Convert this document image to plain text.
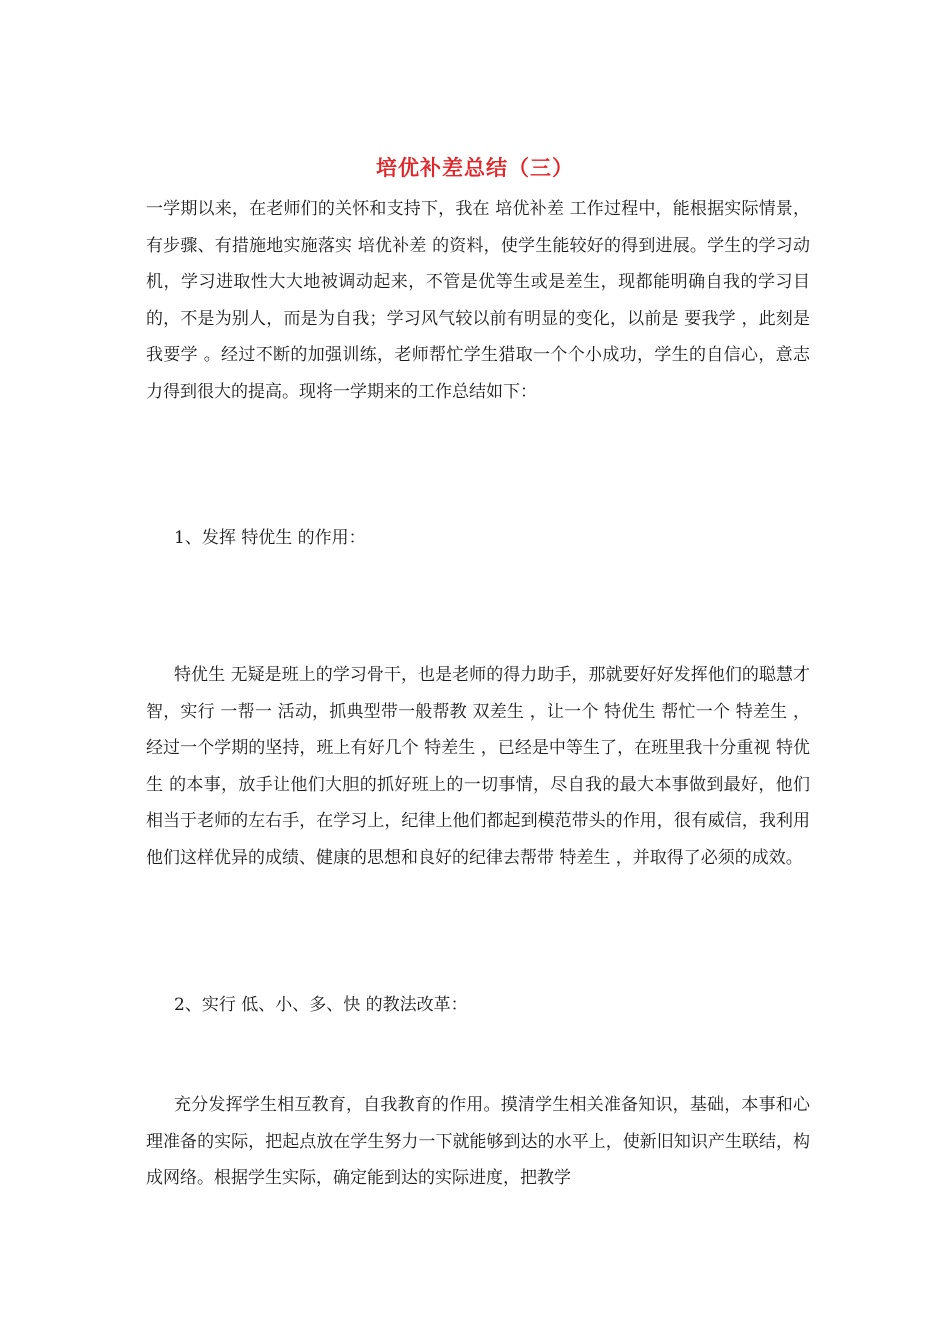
培优补差总结（三）

一学期以来，在老师们的关怀和支持下，我在 培优补差 工作过程中，能根据实际情景，有步骤、有措施地实施落实 培优补差 的资料，使学生能较好的得到进展。学生的学习动机，学习进取性大大地被调动起来，不管是优等生或是差生，现都能明确自我的学习目的，不是为别人，而是为自我；学习风气较以前有明显的变化，以前是 要我学 ，此刻是 我要学 。经过不断的加强训练，老师帮忙学生猎取一个个小成功，学生的自信心，意志力得到很大的提高。现将一学期来的工作总结如下：

1、发挥 特优生 的作用：

特优生 无疑是班上的学习骨干，也是老师的得力助手，那就要好好发挥他们的聪慧才智，实行 一帮一 活动，抓典型带一般帮教 双差生 ，让一个 特优生 帮忙一个 特差生 ，经过一个学期的坚持，班上有好几个 特差生 ，已经是中等生了，在班里我十分重视 特优生 的本事，放手让他们大胆的抓好班上的一切事情，尽自我的最大本事做到最好，他们相当于老师的左右手，在学习上，纪律上他们都起到模范带头的作用，很有威信，我利用他们这样优异的成绩、健康的思想和良好的纪律去帮带 特差生 ，并取得了必须的成效。

2、实行 低、小、多、快 的教法改革：

充分发挥学生相互教育，自我教育的作用。摸清学生相关准备知识，基础，本事和心理准备的实际，把起点放在学生努力一下就能够到达的水平上，使新旧知识产生联结，构成网络。根据学生实际，确定能到达的实际进度，把教学
